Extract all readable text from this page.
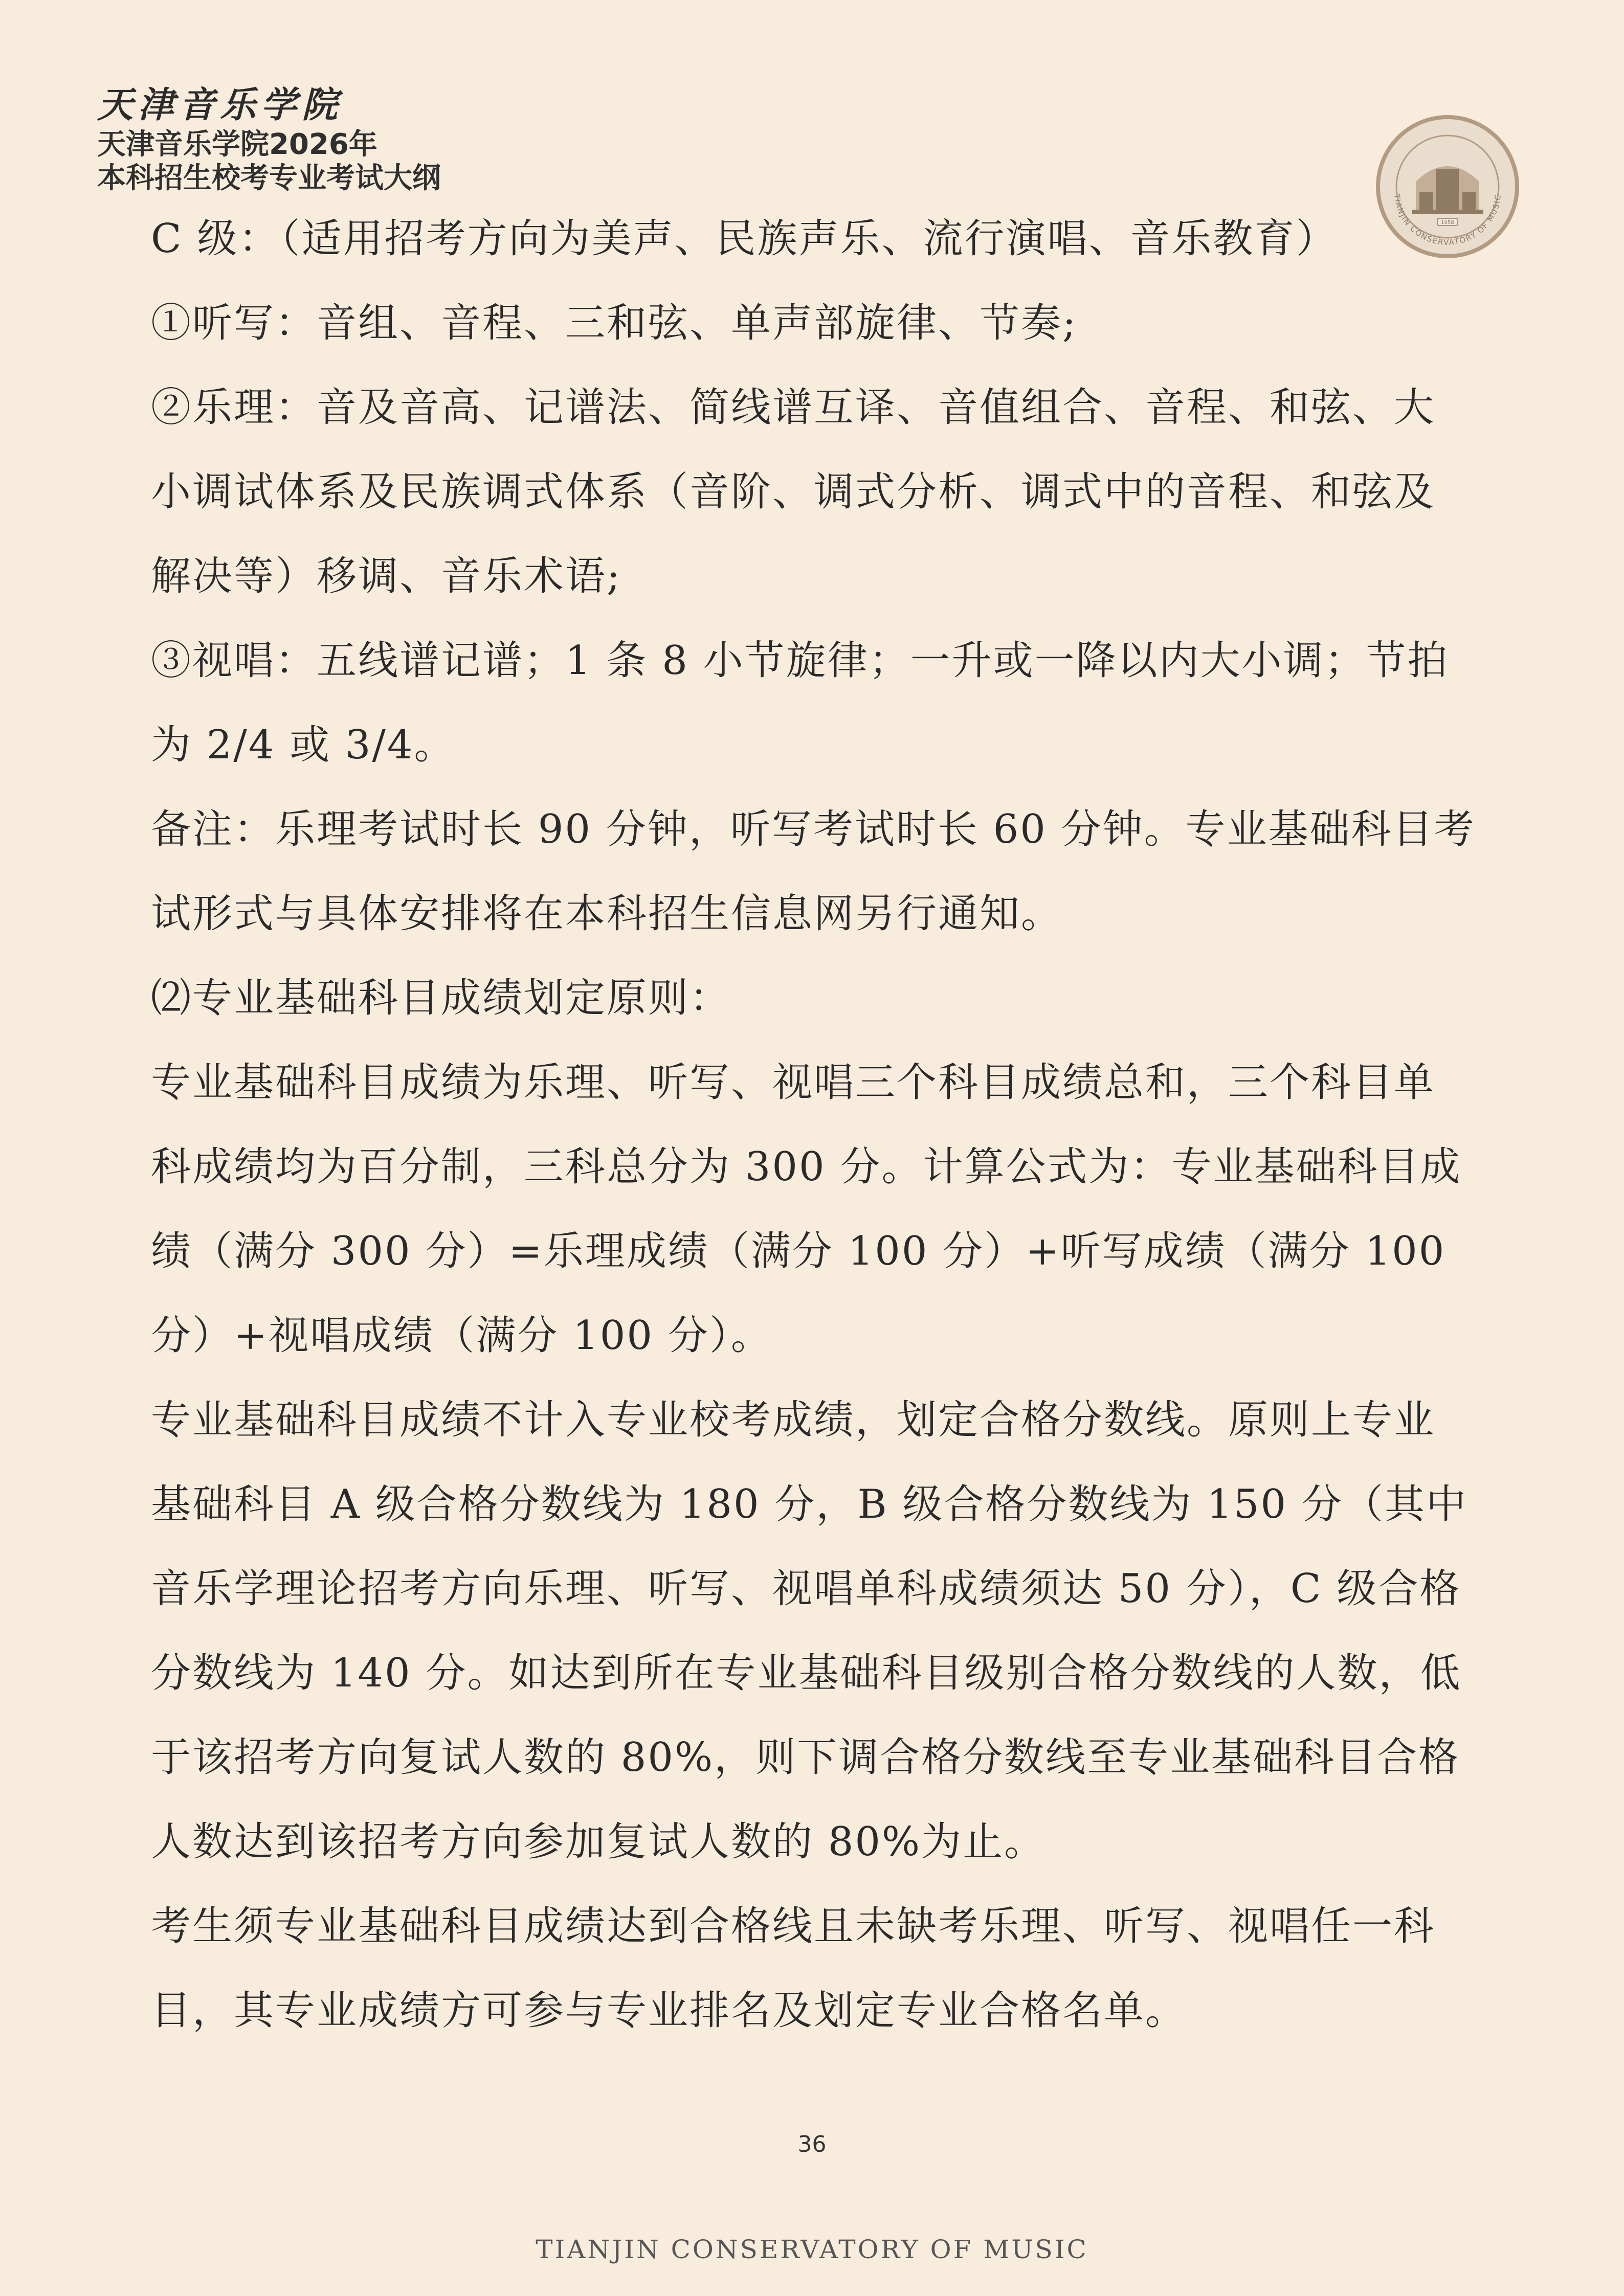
天津音乐学院
天津音乐学院2026年
本科招生校考专业考试大纲
1958
TIANJIN CONSERVATORY OF MUSIC

C 级：（适用招考方向为美声、民族声乐、流行演唱、音乐教育）

①听写：音组、音程、三和弦、单声部旋律、节奏;

②乐理：音及音高、记谱法、简线谱互译、音值组合、音程、和弦、大小调试体系及民族调式体系（音阶、调式分析、调式中的音程、和弦及解决等）移调、音乐术语;

③视唱：五线谱记谱；1 条 8 小节旋律；一升或一降以内大小调；节拍为 2/4 或 3/4。

备注：乐理考试时长 90 分钟，听写考试时长 60 分钟。专业基础科目考试形式与具体安排将在本科招生信息网另行通知。

⑵专业基础科目成绩划定原则：

专业基础科目成绩为乐理、听写、视唱三个科目成绩总和，三个科目单科成绩均为百分制，三科总分为 300 分。计算公式为：专业基础科目成绩（满分 300 分）=乐理成绩（满分 100 分）+听写成绩（满分 100 分）+视唱成绩（满分 100 分）。

专业基础科目成绩不计入专业校考成绩，划定合格分数线。原则上专业基础科目 A 级合格分数线为 180 分，B 级合格分数线为 150 分（其中音乐学理论招考方向乐理、听写、视唱单科成绩须达 50 分），C 级合格分数线为 140 分。如达到所在专业基础科目级别合格分数线的人数，低于该招考方向复试人数的 80%，则下调合格分数线至专业基础科目合格人数达到该招考方向参加复试人数的 80%为止。

考生须专业基础科目成绩达到合格线且未缺考乐理、听写、视唱任一科目，其专业成绩方可参与专业排名及划定专业合格名单。

36
TIANJIN CONSERVATORY OF MUSIC
